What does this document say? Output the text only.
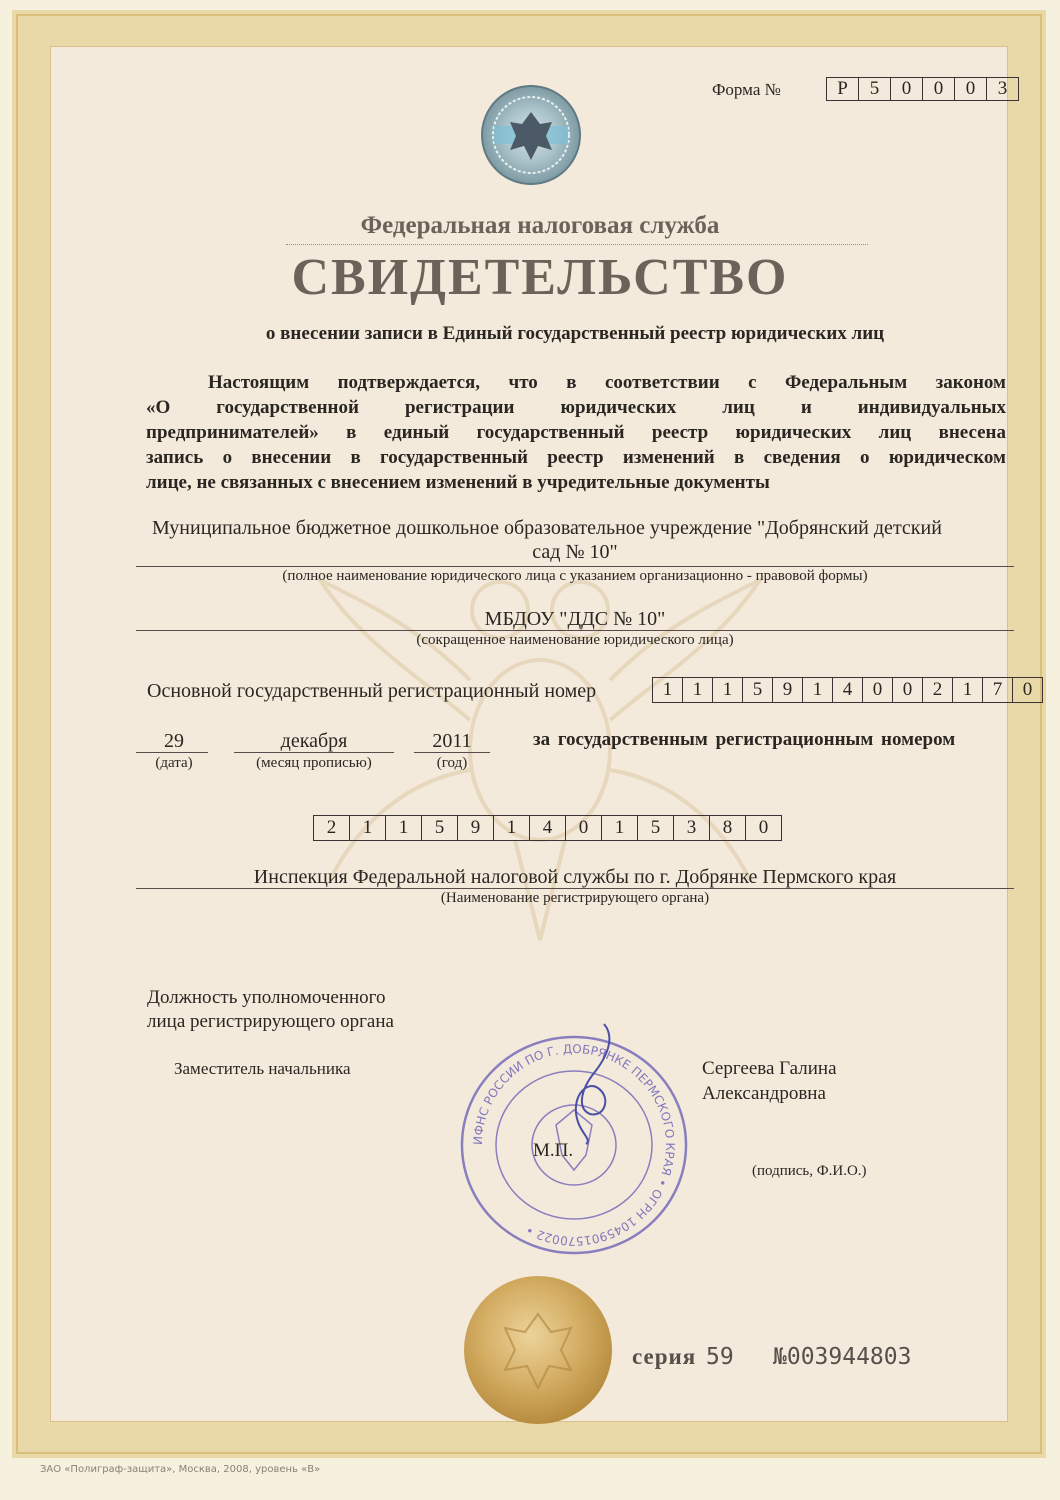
Форма №	Р	5	0	0	0	3
Федеральная налоговая служба
СВИДЕТЕЛЬСТВО
о внесении записи в Единый государственный реестр юридических лиц
Настоящим подтверждается, что в соответствии с Федеральным законом
«О государственной регистрации юридических лиц и индивидуальных
предпринимателей» в единый государственный реестр юридических лиц внесена
запись о внесении в государственный реестр изменений в сведения о юридическом
лице, не связанных с внесением изменений в учредительные документы
Муниципальное бюджетное дошкольное образовательное учреждение "Добрянский детский
сад № 10"
(полное наименование юридического лица с указанием организационно - правовой формы)
МБДОУ "ДДС № 10"
(сокращенное наименование юридического лица)
Основной государственный регистрационный номер	1	1	1	5	9	1	4	0	0	2	1	7	0
29
(дата)
декабря
(месяц прописью)
2011
(год)
за государственным регистрационным номером
2	1	1	5	9	1	4	0	1	5	3	8	0
Инспекция Федеральной налоговой службы по г. Добрянке Пермского края
(Наименование регистрирующего органа)
Должность уполномоченного
лица регистрирующего органа
Заместитель начальника	Сергеева Галина
Александровна
(подпись, Ф.И.О.)
ИФНС РОССИИ ПО Г. ДОБРЯНКЕ ПЕРМСКОГО КРАЯ • ОГРН 1045901570022 •
М.П.
серия 59 №003944803
ЗАО «Полиграф-защита», Москва, 2008, уровень «В»
